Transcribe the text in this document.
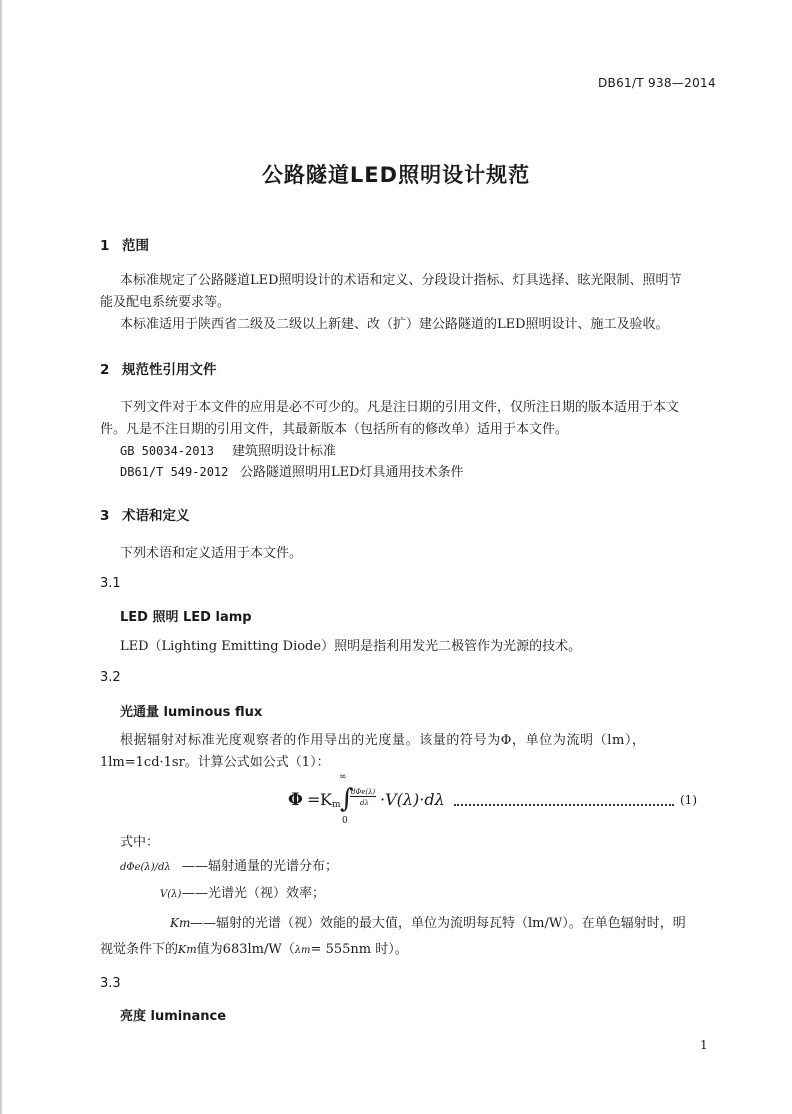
DB61/T 938—2014
公路隧道LED照明设计规范
1 范围
本标准规定了公路隧道LED照明设计的术语和定义、分段设计指标、灯具选择、眩光限制、照明节
能及配电系统要求等。
本标准适用于陕西省二级及二级以上新建、改（扩）建公路隧道的LED照明设计、施工及验收。
2 规范性引用文件
下列文件对于本文件的应用是必不可少的。凡是注日期的引用文件，仅所注日期的版本适用于本文
件。凡是不注日期的引用文件，其最新版本（包括所有的修改单）适用于本文件。
GB 50034-2013 建筑照明设计标准
DB61/T 549-2012 公路隧道照明用LED灯具通用技术条件
3 术语和定义
下列术语和定义适用于本文件。
3.1
LED 照明 LED lamp
LED（Lighting Emitting Diode）照明是指利用发光二极管作为光源的技术。
3.2
光通量 luminous flux
根据辐射对标准光度观察者的作用导出的光度量。该量的符号为Φ，单位为流明（lm），
1lm=1cd·1sr。计算公式如公式（1）：
Φ = K m ∫
∞
0
dΦe(λ)
dλ ·V(λ)·dλ	(1)
式中：
dΦe(λ)/dλ ——辐射通量的光谱分布；
V(λ)——光谱光（视）效率；
Km——辐射的光谱（视）效能的最大值，单位为流明每瓦特（lm/W）。在单色辐射时，明
视觉条件下的Km值为683lm/W（λm= 555nm 时）。
3.3
亮度 luminance
1
